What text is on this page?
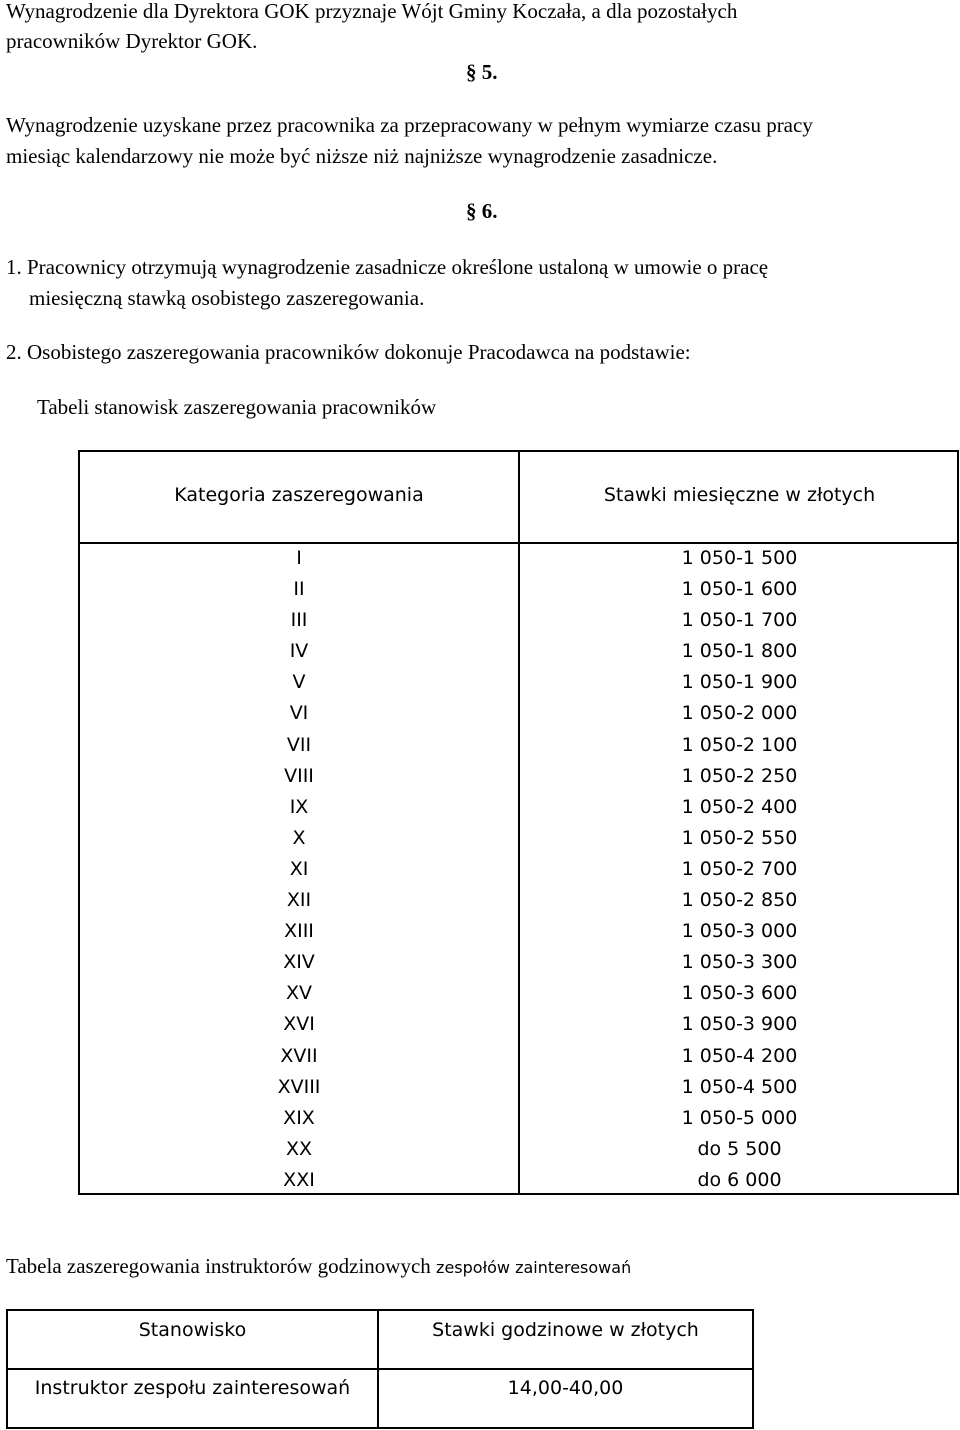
Wynagrodzenie dla Dyrektora GOK przyznaje Wójt Gminy Koczała, a dla pozostałych
pracowników Dyrektor GOK.
§ 5.
Wynagrodzenie uzyskane przez pracownika za przepracowany w pełnym wymiarze czasu pracy
miesiąc kalendarzowy nie może być niższe niż najniższe wynagrodzenie zasadnicze.
§ 6.
1. Pracownicy otrzymują wynagrodzenie zasadnicze określone ustaloną w umowie o pracę
miesięczną stawką osobistego zaszeregowania.
2. Osobistego zaszeregowania pracowników dokonuje Pracodawca na podstawie:
Tabeli stanowisk zaszeregowania pracowników
Kategoria zaszeregowania	Stawki miesięczne w złotych
I	1 050-1 500
II	1 050-1 600
III	1 050-1 700
IV	1 050-1 800
V	1 050-1 900
VI	1 050-2 000
VII	1 050-2 100
VIII	1 050-2 250
IX	1 050-2 400
X	1 050-2 550
XI	1 050-2 700
XII	1 050-2 850
XIII	1 050-3 000
XIV	1 050-3 300
XV	1 050-3 600
XVI	1 050-3 900
XVII	1 050-4 200
XVIII	1 050-4 500
XIX	1 050-5 000
XX	do 5 500
XXI	do 6 000
Tabela zaszeregowania instruktorów godzinowych zespołów zainteresowań
Stanowisko	Stawki godzinowe w złotych
Instruktor zespołu zainteresowań	14,00-40,00
